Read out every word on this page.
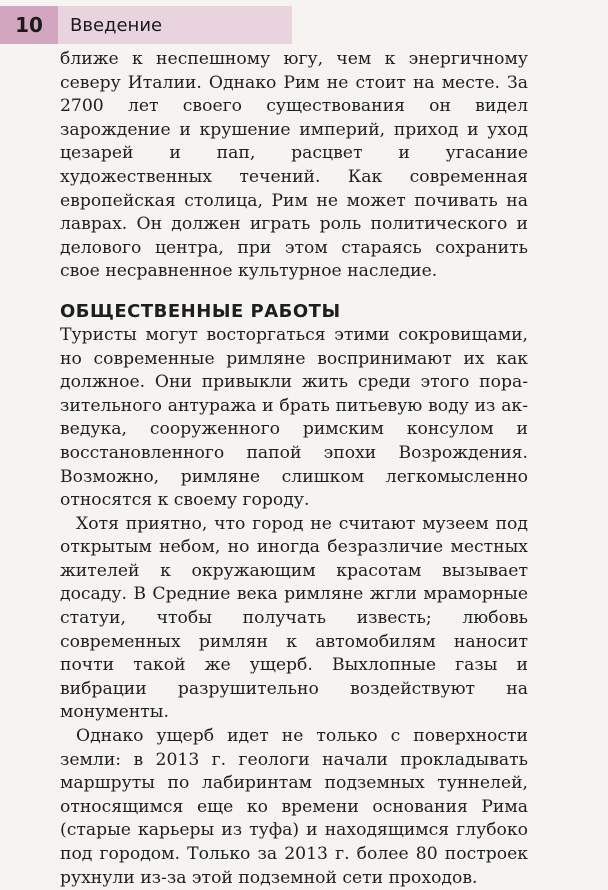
10	Введение

ближе к неспешному югу, чем к энергичному северу Италии. Однако Рим не стоит на месте. За 2700 лет своего существования он видел зарождение и крушение империй, приход и уход цезарей и пап, расцвет и угасание художественных течений. Как современная европейская столица, Рим не может почивать на лаврах. Он должен играть роль политического и делового центра, при этом стараясь сохранить свое несравненное культурное наследие.

ОБЩЕСТВЕННЫЕ РАБОТЫ

Туристы могут восторгаться этими сокровищами, но современные римляне воспринимают их как должное. Они привыкли жить среди этого поразительного антуража и брать питьевую воду из акведука, сооруженного римским консулом и восстановленного папой эпохи Возрождения. Возможно, римляне слишком легкомысленно относятся к своему городу.

Хотя приятно, что город не считают музеем под открытым небом, но иногда безразличие местных жителей к окружающим красотам вызывает досаду. В Средние века римляне жгли мраморные статуи, чтобы получать известь; любовь современных римлян к автомобилям наносит почти такой же ущерб. Выхлопные газы и вибрации разрушительно воздействуют на монументы.

Однако ущерб идет не только с поверхности земли: в 2013 г. геологи начали прокладывать маршруты по лабиринтам подземных туннелей, относящимся еще ко времени основания Рима (старые карьеры из туфа) и находящимся глубоко под городом. Только за 2013 г. более 80 построек рухнули из-за этой подземной сети проходов.
